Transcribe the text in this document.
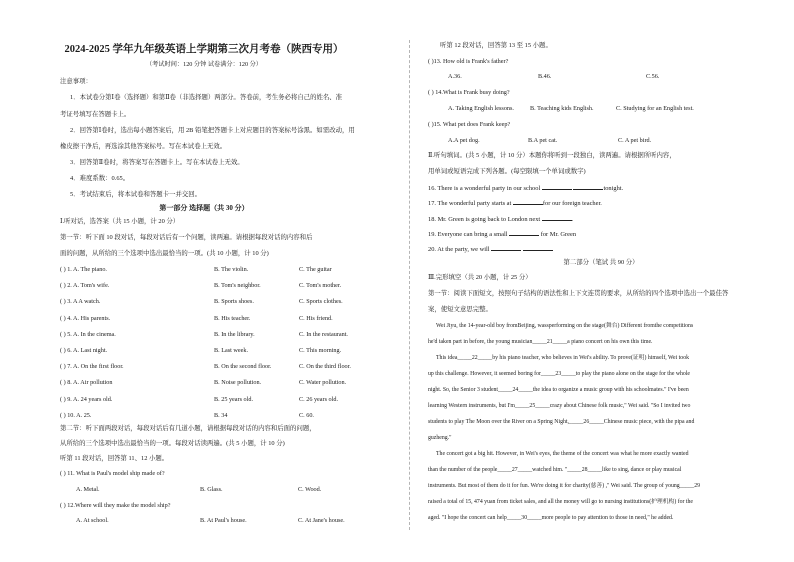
2024-2025 学年九年级英语上学期第三次月考卷（陕西专用）
（考试时间：120 分钟 试卷满分：120 分）
注意事项：
1．本试卷分第Ⅰ卷（选择题）和第Ⅱ卷（非选择题）两部分。答卷前，考生务必将自己的姓名、准
考证号填写在答题卡上。
2．回答第Ⅰ卷时，选出每小题答案后，用 2B 铅笔把答题卡上对应题目的答案标号涂黑。如需改动，用
橡皮擦干净后，再选涂其他答案标号。写在本试卷上无效。
3．回答第Ⅱ卷时，将答案写在答题卡上。写在本试卷上无效。
4．难度系数：0.65。
5．考试结束后，将本试卷和答题卡一并交回。
第一部分 选择题（共 30 分）
Ⅰ.听对话，选答案（共 15 小题，计 20 分）
第一节：听下面 10 段对话，每段对话后有一个问题，读两遍。请根据每段对话的内容和后
面的问题，从所给的三个选项中选出最恰当的一项。(共 10 小题，计 10 分)
( ) 1. A. The piano.	B. The violin.	C. The guitar
( ) 2. A. Tom's wife.	B. Tom's neighbor.	C. Tom's mother.
( ) 3. A A watch.	B. Sports shoes.	C. Sports clothes.
( ) 4. A. His parents.	B. His teacher.	C. His friend.
( ) 5. A. In the cinema.	B. In the library.	C. In the restaurant.
( ) 6. A. Last night.	B. Last week.	C. This morning.
( ) 7. A. On the first floor.	B. On the second floor.	C. On the third floor.
( ) 8. A. Air pollution	B. Noise pollution.	C. Water pollution.
( ) 9. A. 24 years old.	B. 25 years old.	C. 26 years old.
( ) 10. A. 25.	B. 34	C. 60.
第二节：听下面两段对话，每段对话后有几道小题，请根据每段对话的内容和后面的问题，
从所给的三个选项中选出最恰当的一项。每段对话读两遍。(共 5 小题，计 10 分)
听第 11 段对话，回答第 11、12 小题。
( ) 11. What is Paul's model ship made of?
A. Metal.	B. Glass.	C. Wood.
( ) 12.Where will they make the model ship?
A. At school.	B. At Paul's house.	C. At Jane's house.
听第 12 段对话，回答第 13 至 15 小题。
( )13. How old is Frank's father?
A.36.	B.46.	C.56.
( ) 14.What is Frank busy doing?
A. Taking English lessons.	B. Teaching kids English.	C. Studying for an English test.
( )15. What pet does Frank keep?
A.A pet dog.	B.A pet cat.	C. A pet bird.
Ⅱ.听句填词。(共 5 小题，计 10 分）本题你将听到一段独白，读两遍。请根据所听内容，
用单词或短语完成下列各题。(每空限填一个单词或数字)
16. There is a wonderful party in our school	tonight.
17. The wonderful party starts at	for our foreign teacher.
18. Mr. Green is going back to London next	.
19. Everyone can bring a small	for Mr. Green
20. At the party, we will
第二部分（笔试 共 90 分）
Ⅲ.完形填空（共 20 小题，计 25 分）
第一节：阅读下面短文，按照句子结构的语法性和上下文连贯的要求，从所给的四个选项中选出一个最佳答
案，使短文意思完整。
Wei Jiyu, the 14-year-old boy fromBeijing, wassperforming on the stage(舞台) Different fromthe competitions
he'd taken part in before, the young musician_____21_____a piano concert on his own this time.
This idea_____22_____by his piano teacher, who believes in Wei's ability. To prove(证明) himself, Wei took
up this challenge. However, it seemed boring for_____23_____to play the piano alone on the stage for the whole
night. So, the Senior 3 student_____24_____the idea to organize a music group with his schoolmates." I've been
learning Western instruments, but I'm_____25_____crazy about Chinese folk music," Wei said. "So I invited two
students to play The Moon over the River on a Spring Night,_____26_____Chinese music piece, with the pipa and
guzheng."
The concert got a big hit. However, in Wei's eyes, the theme of the concert was what he more exactly wanted
than the number of the people_____27_____watched him. "_____28_____like to sing, dance or play musical
instruments. But most of them do it for fun. We're doing it for charity(慈善) ," Wei said. The group of young_____29
raised a total of 15, 474 yuan from ticket sales, and all the money will go to nursing institutions(护理机构) for the
aged. "I hope the concert can help_____30_____more people to pay attention to those in need," he added.
